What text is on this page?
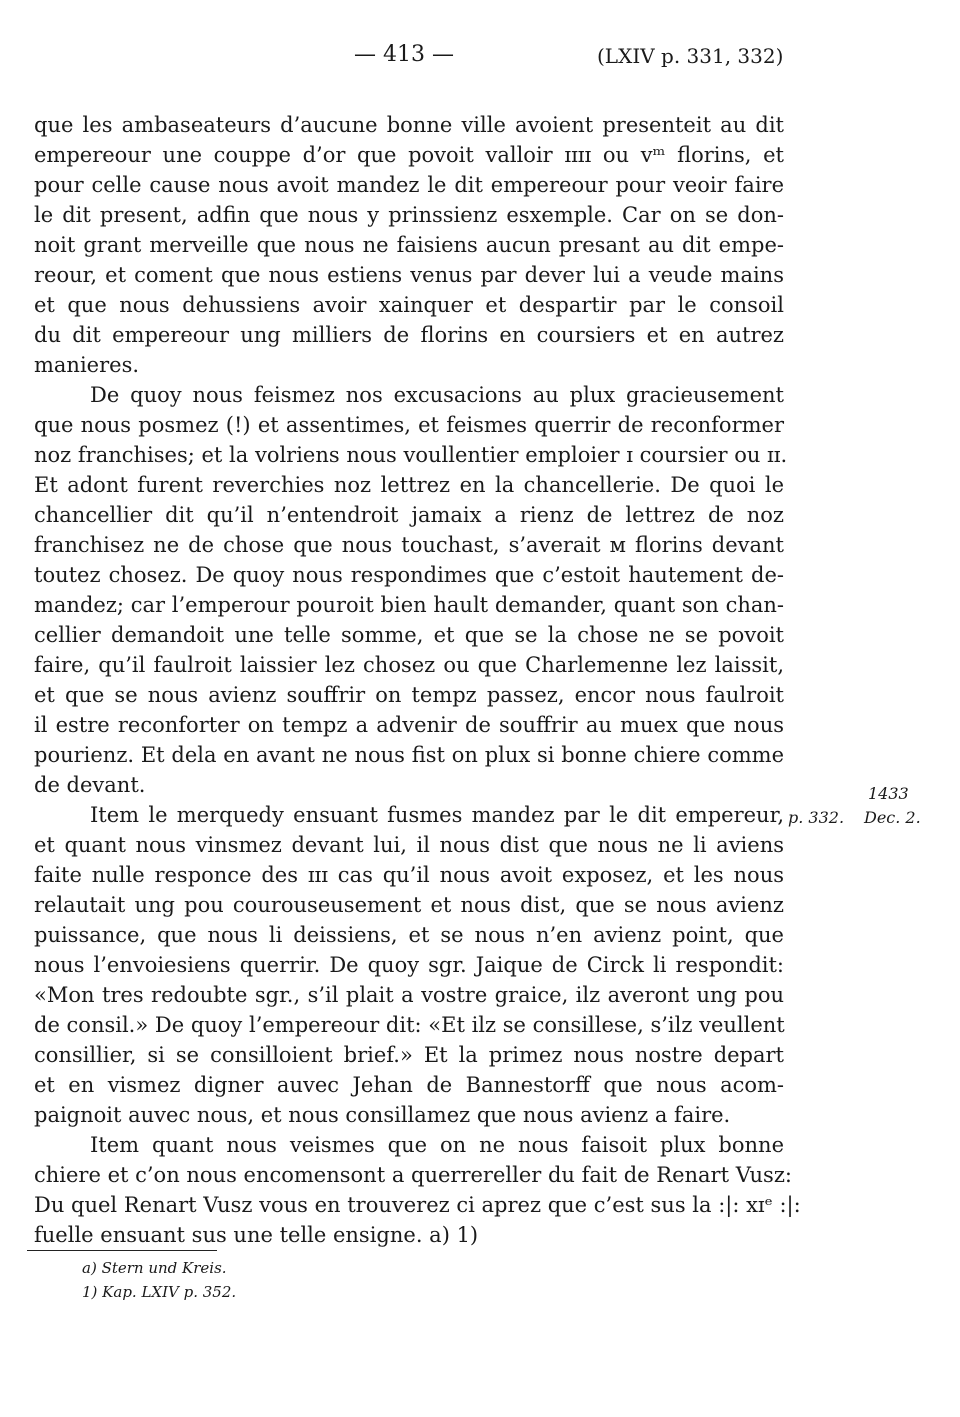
— 413 —	(LXIV p. 331, 332)
que les ambaseateurs d’aucune bonne ville avoient presenteit au dit
empereour une couppe d’or que povoit valloir ɪɪɪɪ ou vᵐ florins, et
pour celle cause nous avoit mandez le dit empereour pour veoir faire
le dit present, adfin que nous y prinssienz esxemple. Car on se don-
noit grant merveille que nous ne faisiens aucun presant au dit empe-
reour, et coment que nous estiens venus par dever lui a veude mains
et que nous dehussiens avoir xainquer et despartir par le consoil
du dit empereour ung milliers de florins en coursiers et en autrez
manieres.
De quoy nous feismez nos excusacions au plux gracieusement
que nous posmez (!) et assentimes, et feismes querrir de reconformer
noz franchises; et la volriens nous voullentier emploier ɪ coursier ou ɪɪ.
Et adont furent reverchies noz lettrez en la chancellerie. De quoi le
chancellier dit qu’il n’entendroit jamaix a rienz de lettrez de noz
franchisez ne de chose que nous touchast, s’averait ᴍ florins devant
toutez chosez. De quoy nous respondimes que c’estoit hautement de-
mandez; car l’emperour pouroit bien hault demander, quant son chan-
cellier demandoit une telle somme, et que se la chose ne se povoit
faire, qu’il faulroit laissier lez chosez ou que Charlemenne lez laissit,
et que se nous avienz souffrir on tempz passez, encor nous faulroit
il estre reconforter on tempz a advenir de souffrir au muex que nous
pourienz. Et dela en avant ne nous fist on plux si bonne chiere comme
de devant.
Item le merquedy ensuant fusmes mandez par le dit empereur,
et quant nous vinsmez devant lui, il nous dist que nous ne li aviens
faite nulle responce des ɪɪɪ cas qu’il nous avoit exposez, et les nous
relautait ung pou courouseusement et nous dist, que se nous avienz
puissance, que nous li deissiens, et se nous n’en avienz point, que
nous l’envoiesiens querrir. De quoy sgr. Jaique de Circk li respondit:
«Mon tres redoubte sgr., s’il plait a vostre graice, ilz averont ung pou
de consil.» De quoy l’empereour dit: «Et ilz se consillese, s’ilz veullent
consillier, si se consilloient brief.» Et la primez nous nostre depart
et en vismez digner auvec Jehan de Bannestorff que nous acom-
paignoit auvec nous, et nous consillamez que nous avienz a faire.
Item quant nous veismes que on ne nous faisoit plux bonne
chiere et c’on nous encomensont a querrereller du fait de Renart Vusz:
Du quel Renart Vusz vous en trouverez ci aprez que c’est sus la :|: xɪᵉ :|:
fuelle ensuant sus une telle ensigne. a) 1)
1433
p. 332. Dec. 2.
a) Stern und Kreis.
1) Kap. LXIV p. 352.
